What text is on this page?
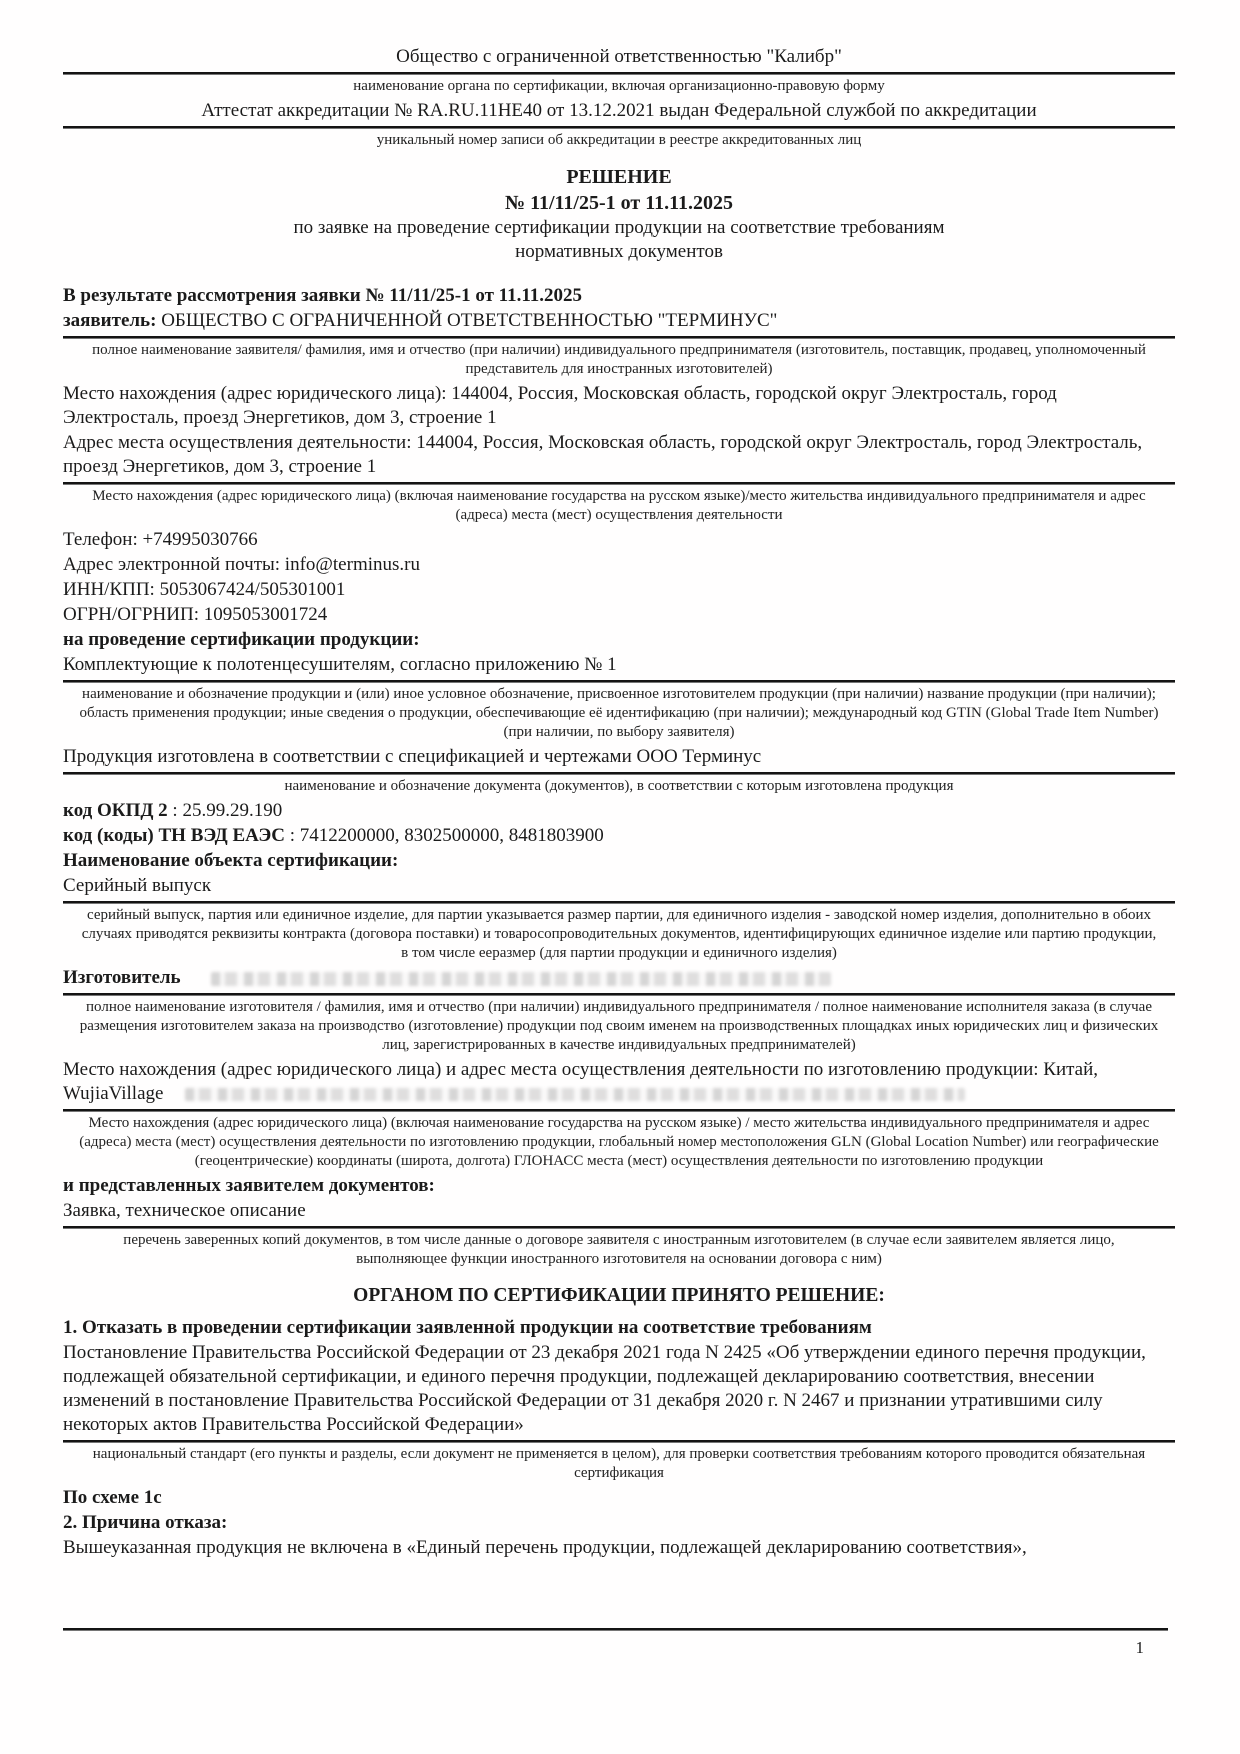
Общество с ограниченной ответственностью "Калибр"
наименование органа по сертификации, включая организационно-правовую форму
Аттестат аккредитации № RA.RU.11НЕ40 от 13.12.2021 выдан Федеральной службой по аккредитации
уникальный номер записи об аккредитации в реестре аккредитованных лиц
РЕШЕНИЕ
№ 11/11/25-1 от 11.11.2025
по заявке на проведение сертификации продукции на соответствие требованиям
нормативных документов
В результате рассмотрения заявки № 11/11/25-1 от 11.11.2025
заявитель: ОБЩЕСТВО С ОГРАНИЧЕННОЙ ОТВЕТСТВЕННОСТЬЮ "ТЕРМИНУС"
полное наименование заявителя/ фамилия, имя и отчество (при наличии) индивидуального предпринимателя (изготовитель, поставщик, продавец, уполномоченный представитель для иностранных изготовителей)
Место нахождения (адрес юридического лица): 144004, Россия, Московская область, городской округ Электросталь, город Электросталь, проезд Энергетиков, дом 3, строение 1
Адрес места осуществления деятельности: 144004, Россия, Московская область, городской округ Электросталь, город Электросталь, проезд Энергетиков, дом 3, строение 1
Место нахождения (адрес юридического лица) (включая наименование государства на русском языке)/место жительства индивидуального предпринимателя и адрес (адреса) места (мест) осуществления деятельности
Телефон: +74995030766
Адрес электронной почты: info@terminus.ru
ИНН/КПП: 5053067424/505301001
ОГРН/ОГРНИП: 1095053001724
на проведение сертификации продукции:
Комплектующие к полотенцесушителям, согласно приложению № 1
наименование и обозначение продукции и (или) иное условное обозначение, присвоенное изготовителем продукции (при наличии) название продукции (при наличии); область применения продукции; иные сведения о продукции, обеспечивающие её идентификацию (при наличии); международный код GTIN (Global Trade Item Number) (при наличии, по выбору заявителя)
Продукция изготовлена в соответствии с спецификацией и чертежами ООО Терминус
наименование и обозначение документа (документов), в соответствии с которым изготовлена продукция
код ОКПД 2 : 25.99.29.190
код (коды) ТН ВЭД ЕАЭС : 7412200000, 8302500000, 8481803900
Наименование объекта сертификации:
Серийный выпуск
серийный выпуск, партия или единичное изделие, для партии указывается размер партии, для единичного изделия - заводской номер изделия, дополнительно в обоих случаях приводятся реквизиты контракта (договора поставки) и товаросопроводительных документов, идентифицирующих единичное изделие или партию продукции, в том числе ееразмер (для партии продукции и единичного изделия)
Изготовитель
полное наименование изготовителя / фамилия, имя и отчество (при наличии) индивидуального предпринимателя / полное наименование исполнителя заказа (в случае размещения изготовителем заказа на производство (изготовление) продукции под своим именем на производственных площадках иных юридических лиц и физических лиц, зарегистрированных в качестве индивидуальных предпринимателей)
Место нахождения (адрес юридического лица) и адрес места осуществления деятельности по изготовлению продукции: Китай, WujiaVillage
Место нахождения (адрес юридического лица) (включая наименование государства на русском языке) / место жительства индивидуального предпринимателя и адрес (адреса) места (мест) осуществления деятельности по изготовлению продукции, глобальный номер местоположения GLN (Global Location Number) или географические (геоцентрические) координаты (широта, долгота) ГЛОНАСС места (мест) осуществления деятельности по изготовлению продукции
и представленных заявителем документов:
Заявка, техническое описание
перечень заверенных копий документов, в том числе данные о договоре заявителя с иностранным изготовителем (в случае если заявителем является лицо, выполняющее функции иностранного изготовителя на основании договора с ним)
ОРГАНОМ ПО СЕРТИФИКАЦИИ ПРИНЯТО РЕШЕНИЕ:
1. Отказать в проведении сертификации заявленной продукции на соответствие требованиям
Постановление Правительства Российской Федерации от 23 декабря 2021 года N 2425 «Об утверждении единого перечня продукции, подлежащей обязательной сертификации, и единого перечня продукции, подлежащей декларированию соответствия, внесении изменений в постановление Правительства Российской Федерации от 31 декабря 2020 г. N 2467 и признании утратившими силу некоторых актов Правительства Российской Федерации»
национальный стандарт (его пункты и разделы, если документ не применяется в целом), для проверки соответствия требованиям которого проводится обязательная сертификация
По схеме 1с
2. Причина отказа:
Вышеуказанная продукция не включена в «Единый перечень продукции, подлежащей декларированию соответствия»,
1
